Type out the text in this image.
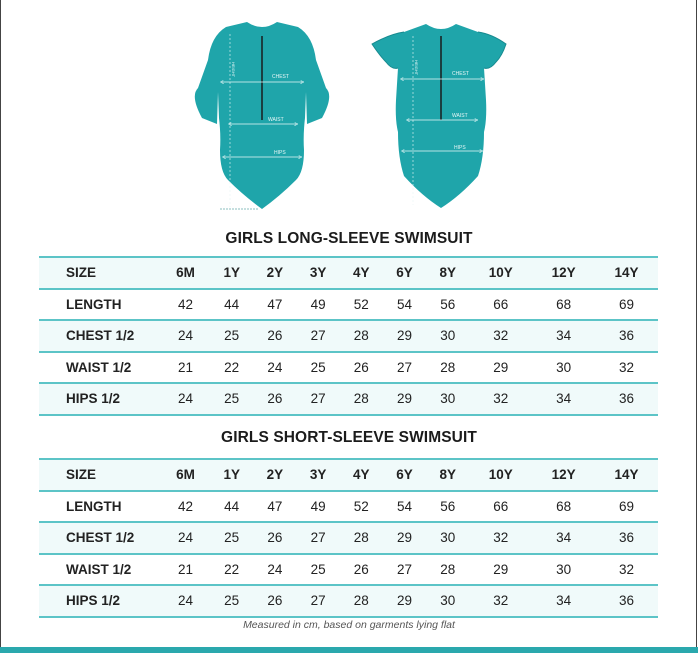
HEIGHT	CHEST
WAIST
HIPS
HEIGHT	CHEST
WAIST
HIPS
GIRLS LONG-SLEEVE SWIMSUIT
SIZE	6M	1Y	2Y	3Y	4Y	6Y	8Y	10Y	12Y	14Y
LENGTH	42	44	47	49	52	54	56	66	68	69
CHEST 1/2	24	25	26	27	28	29	30	32	34	36
WAIST 1/2	21	22	24	25	26	27	28	29	30	32
HIPS 1/2	24	25	26	27	28	29	30	32	34	36
GIRLS SHORT-SLEEVE SWIMSUIT
SIZE	6M	1Y	2Y	3Y	4Y	6Y	8Y	10Y	12Y	14Y
LENGTH	42	44	47	49	52	54	56	66	68	69
CHEST 1/2	24	25	26	27	28	29	30	32	34	36
WAIST 1/2	21	22	24	25	26	27	28	29	30	32
HIPS 1/2	24	25	26	27	28	29	30	32	34	36
Measured in cm, based on garments lying flat
